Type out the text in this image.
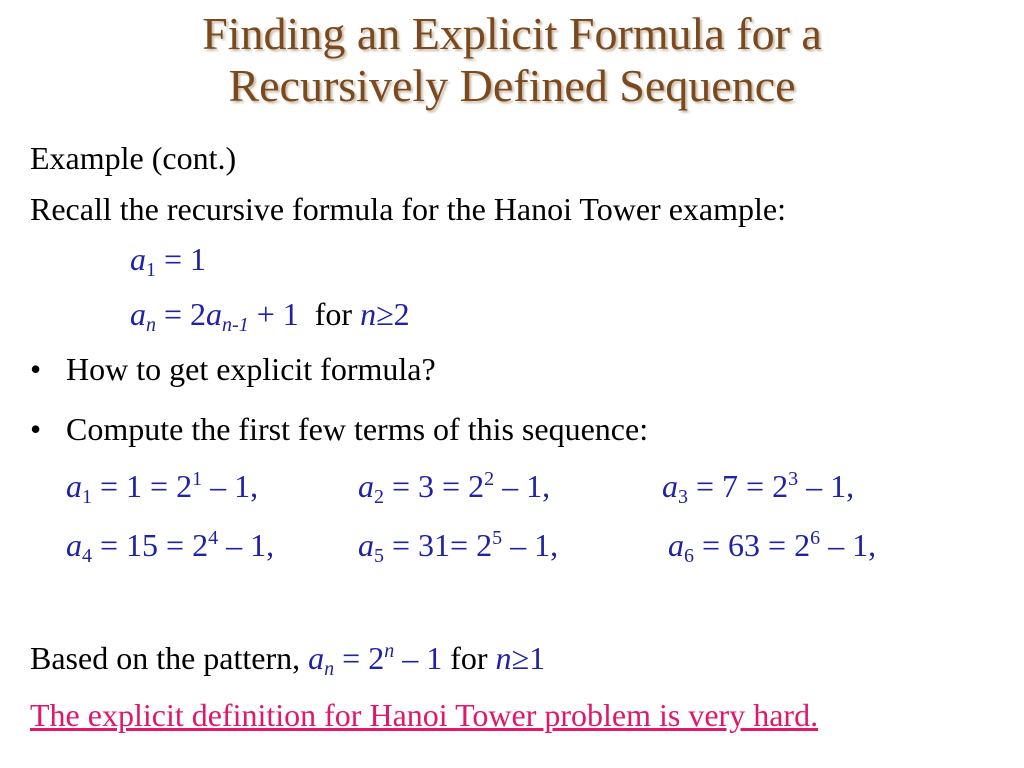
Finding an Explicit Formula for a
Recursively Defined Sequence
Example (cont.)
Recall the recursive formula for the Hanoi Tower example:
$a_1 = 1$
$a_n = 2a_{n-1} + 1$ for n≥2
• How to get explicit formula?
• Compute the first few terms of this sequence:
$a_1 = 1 = 2^1 - 1$,	$a_2 = 3 = 2^2 - 1$,	$a_3 = 7 = 2^3 - 1$,
$a_4 = 15 = 2^4 - 1$,	$a_5 = 31= 2^5 - 1$,	$a_6 = 63 = 2^6 - 1$,
Based on the pattern, $a_n = 2^n - 1$ for n≥1
The explicit definition for Hanoi Tower problem is very hard.
